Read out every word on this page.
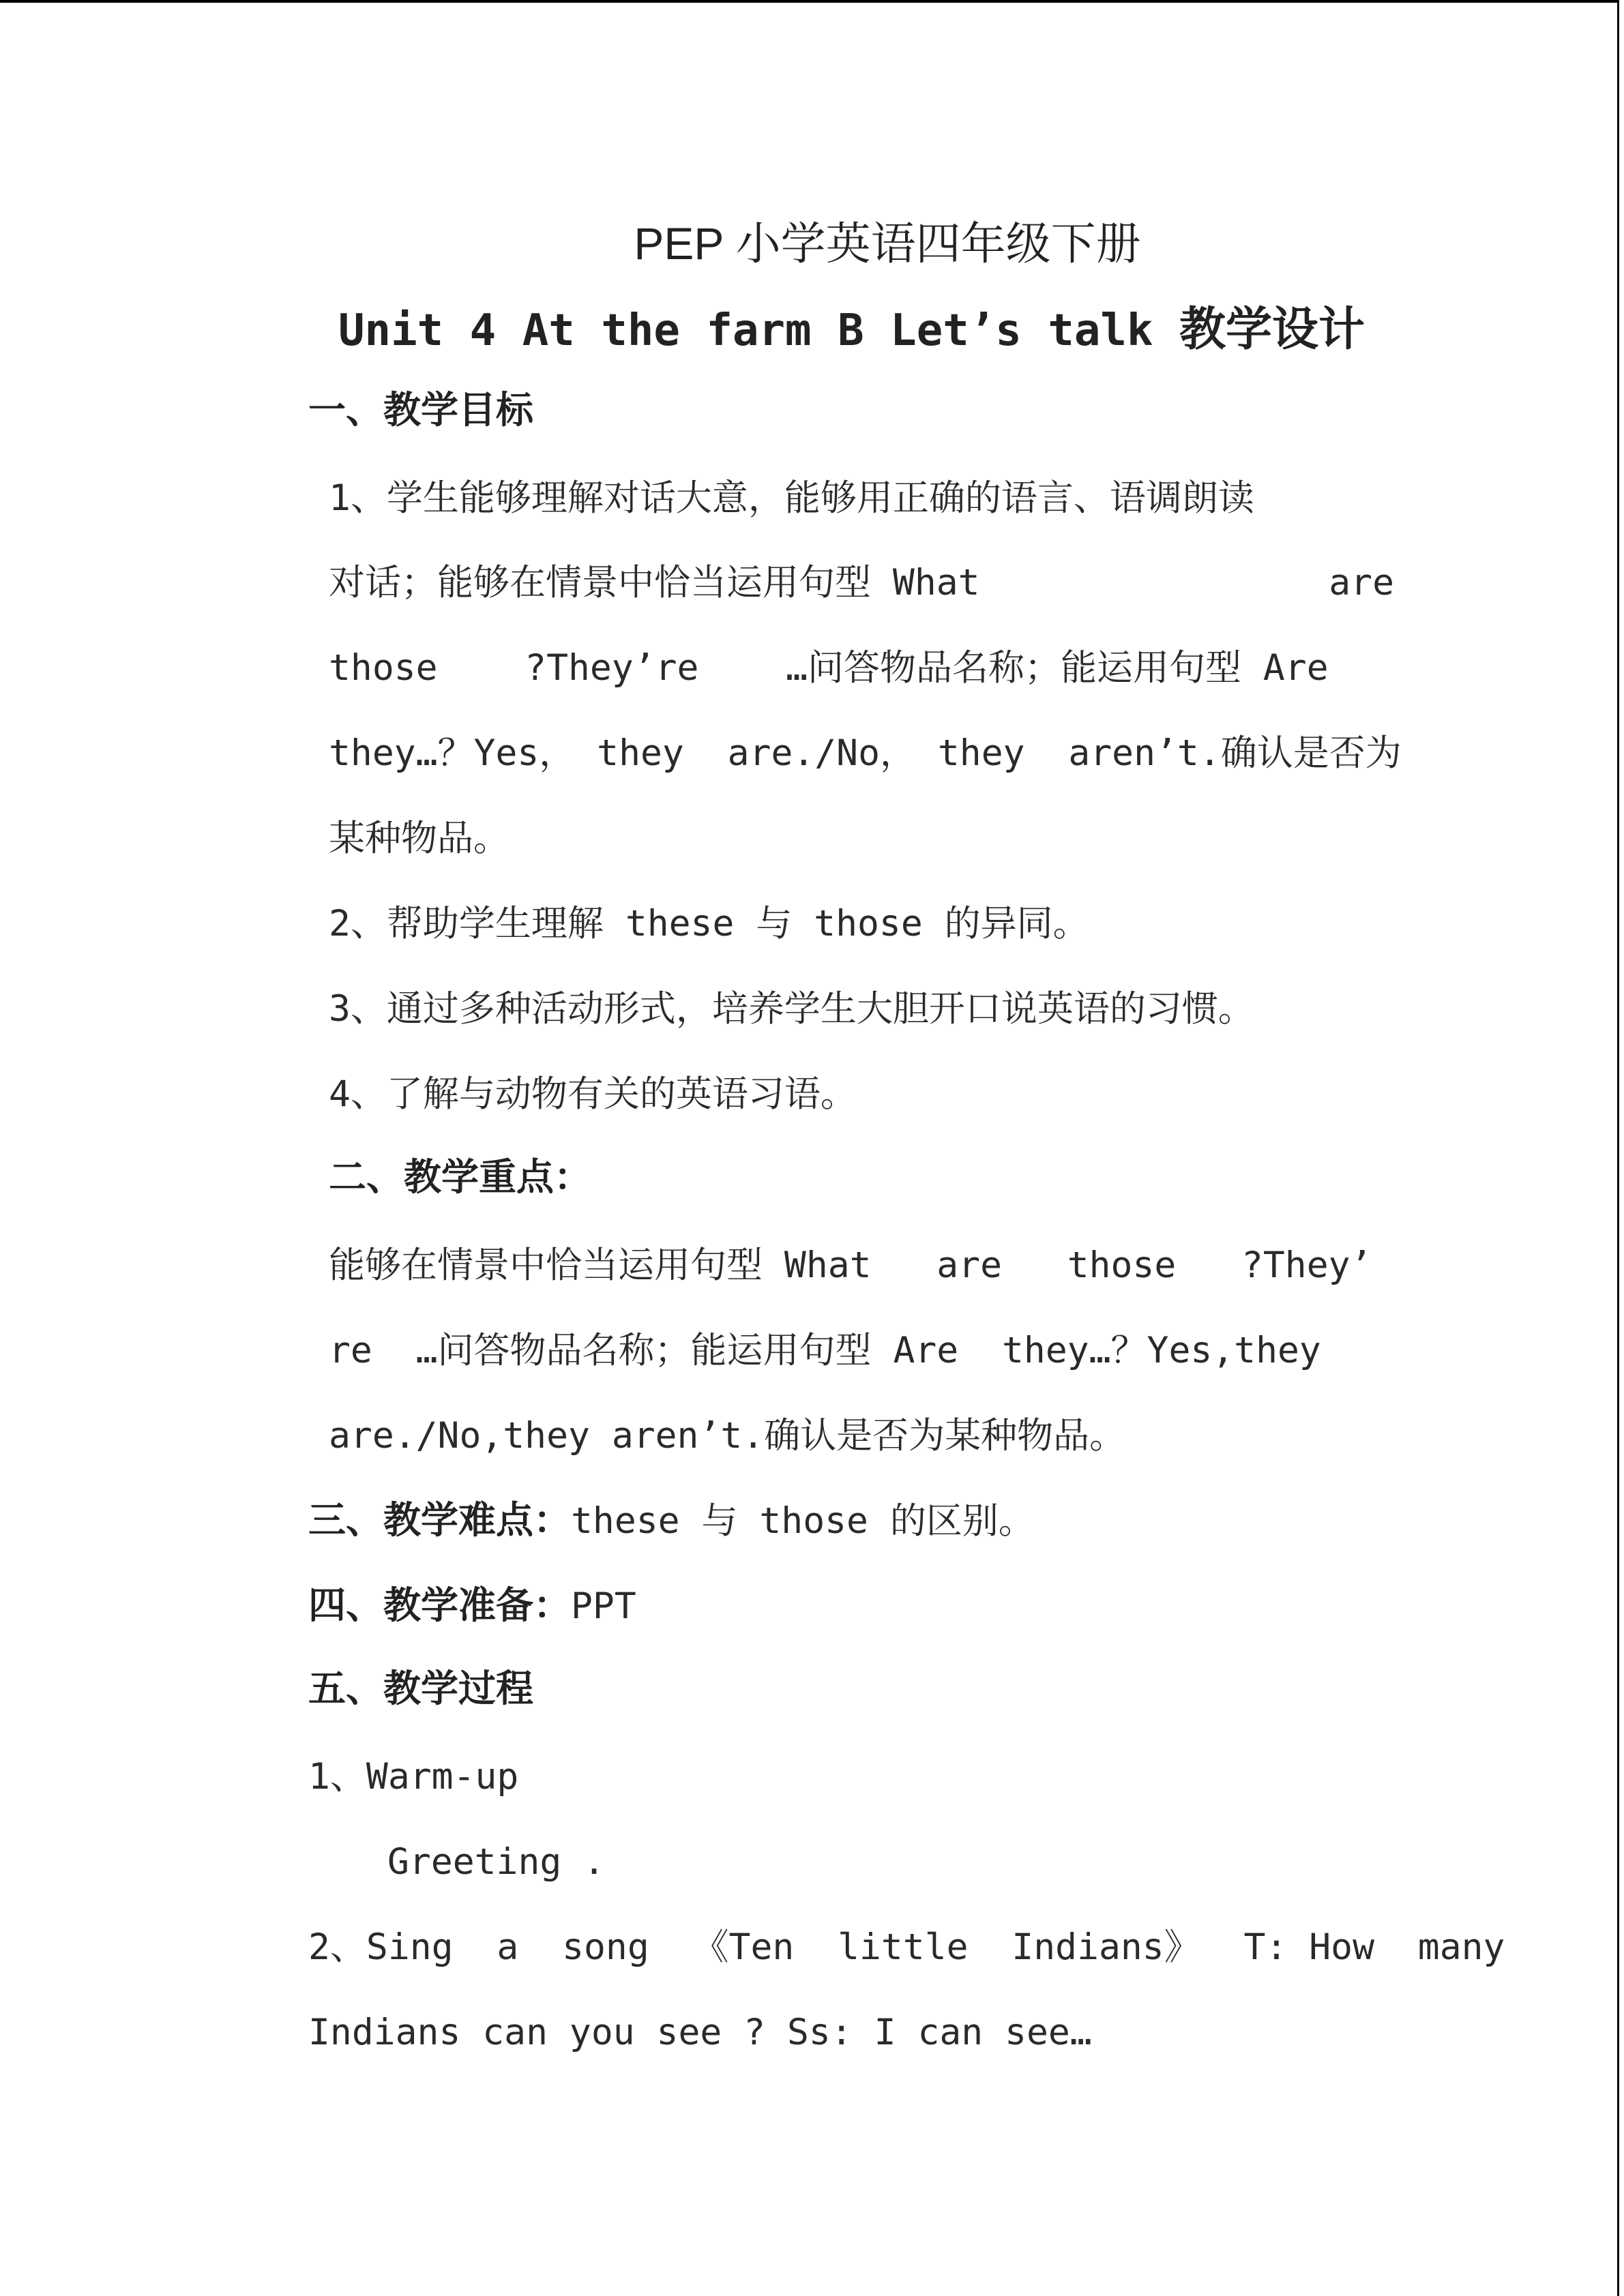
PEP 小学英语四年级下册
Unit 4 At the farm B Let’s talk 教学设计
一、教学目标
1、学生能够理解对话大意，能够用正确的语言、语调朗读
对话；能够在情景中恰当运用句型 What	are
those    ?They’re    …问答物品名称；能运用句型 Are
they…？Yes， they  are./No， they  aren’t.确认是否为
某种物品。
2、帮助学生理解 these 与 those 的异同。
3、通过多种活动形式，培养学生大胆开口说英语的习惯。
4、了解与动物有关的英语习语。
二、教学重点：
能够在情景中恰当运用句型 What   are   those   ?They’
re  …问答物品名称；能运用句型 Are  they…？Yes,they
are./No,they aren’t.确认是否为某种物品。
三、教学难点：these 与 those 的区别。
四、教学准备：PPT
五、教学过程
1、Warm-up
Greeting .
2、Sing  a  song  《Ten  little  Indians》  T: How  many
Indians can you see ? Ss: I can see…
